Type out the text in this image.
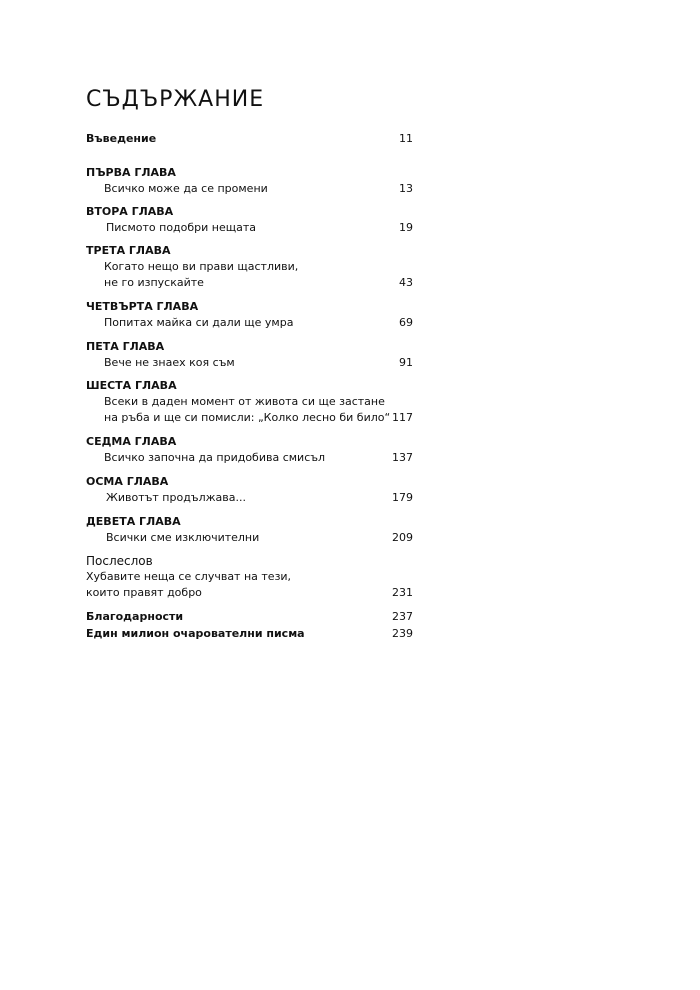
СЪДЪРЖАНИЕ
Въведение	11
ПЪРВА ГЛАВА
Всичко може да се промени	13
ВТОРА ГЛАВА
Писмото подобри нещата	19
ТРЕТА ГЛАВА
Когато нещо ви прави щастливи,
не го изпускайте	43
ЧЕТВЪРТА ГЛАВА
Попитах майка си дали ще умра	69
ПЕТА ГЛАВА
Вече не знаех коя съм	91
ШЕСТА ГЛАВА
Всеки в даден момент от живота си ще застане
на ръба и ще си помисли: „Колко лесно би било“ 117
СЕДМА ГЛАВА
Всичко започна да придобива смисъл	137
ОСМА ГЛАВА
Животът продължава...	179
ДЕВЕТА ГЛАВА
Всички сме изключителни	209
Послеслов
Хубавите неща се случват на тези,
които правят добро	231
Благодарности	237
Един милион очарователни писма	239
